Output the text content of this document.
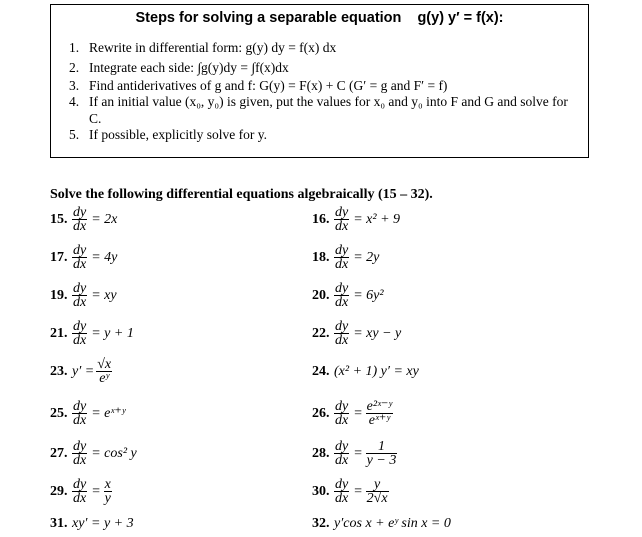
Steps for solving a separable equation g(y) y′ = f(x):
1. Rewrite in differential form: g(y) dy = f(x) dx
2. Integrate each side: ∫g(y)dy = ∫f(x)dx
3. Find antiderivatives of g and f: G(y) = F(x) + C (G′ = g and F′ = f)
4. If an initial value (x₀, y₀) is given, put the values for x₀ and y₀ into F and G and solve for C.
5. If possible, explicitly solve for y.
Solve the following differential equations algebraically (15 – 32).
15. $\frac{dy}{dx} = 2x$	16. $\frac{dy}{dx} = x^2 + 9$
17. $\frac{dy}{dx} = 4y$	18. $\frac{dy}{dx} = 2y$
19. $\frac{dy}{dx}$ = xy	20. $\frac{dy}{dx} = 6y^2$
21. $\frac{dy}{dx} = y + 1$	22. $\frac{dy}{dx}$ = xy − y
23. $y' = \frac{√x}{\text{eʸ}}$	24. (x² + 1) y′ = xy
25. $\frac{dy}{dx}$ = eˣ⁺ʸ	26. $\frac{dy}{dx} = \frac{\text{e²ˣ⁻ʸ}}{\text{eˣ⁺ʸ}}$
27. $\frac{dy}{dx} = \cos^2$ y	28. $\frac{dy}{dx} = \frac{1}{y - 3}$
29. $\frac{dy}{dx} = \frac{x}{y}$	30. $\frac{dy}{dx} = \frac{y}{2√x}$
31. xy′ = y + 3	32. y′cos x + eʸ sin x = 0
